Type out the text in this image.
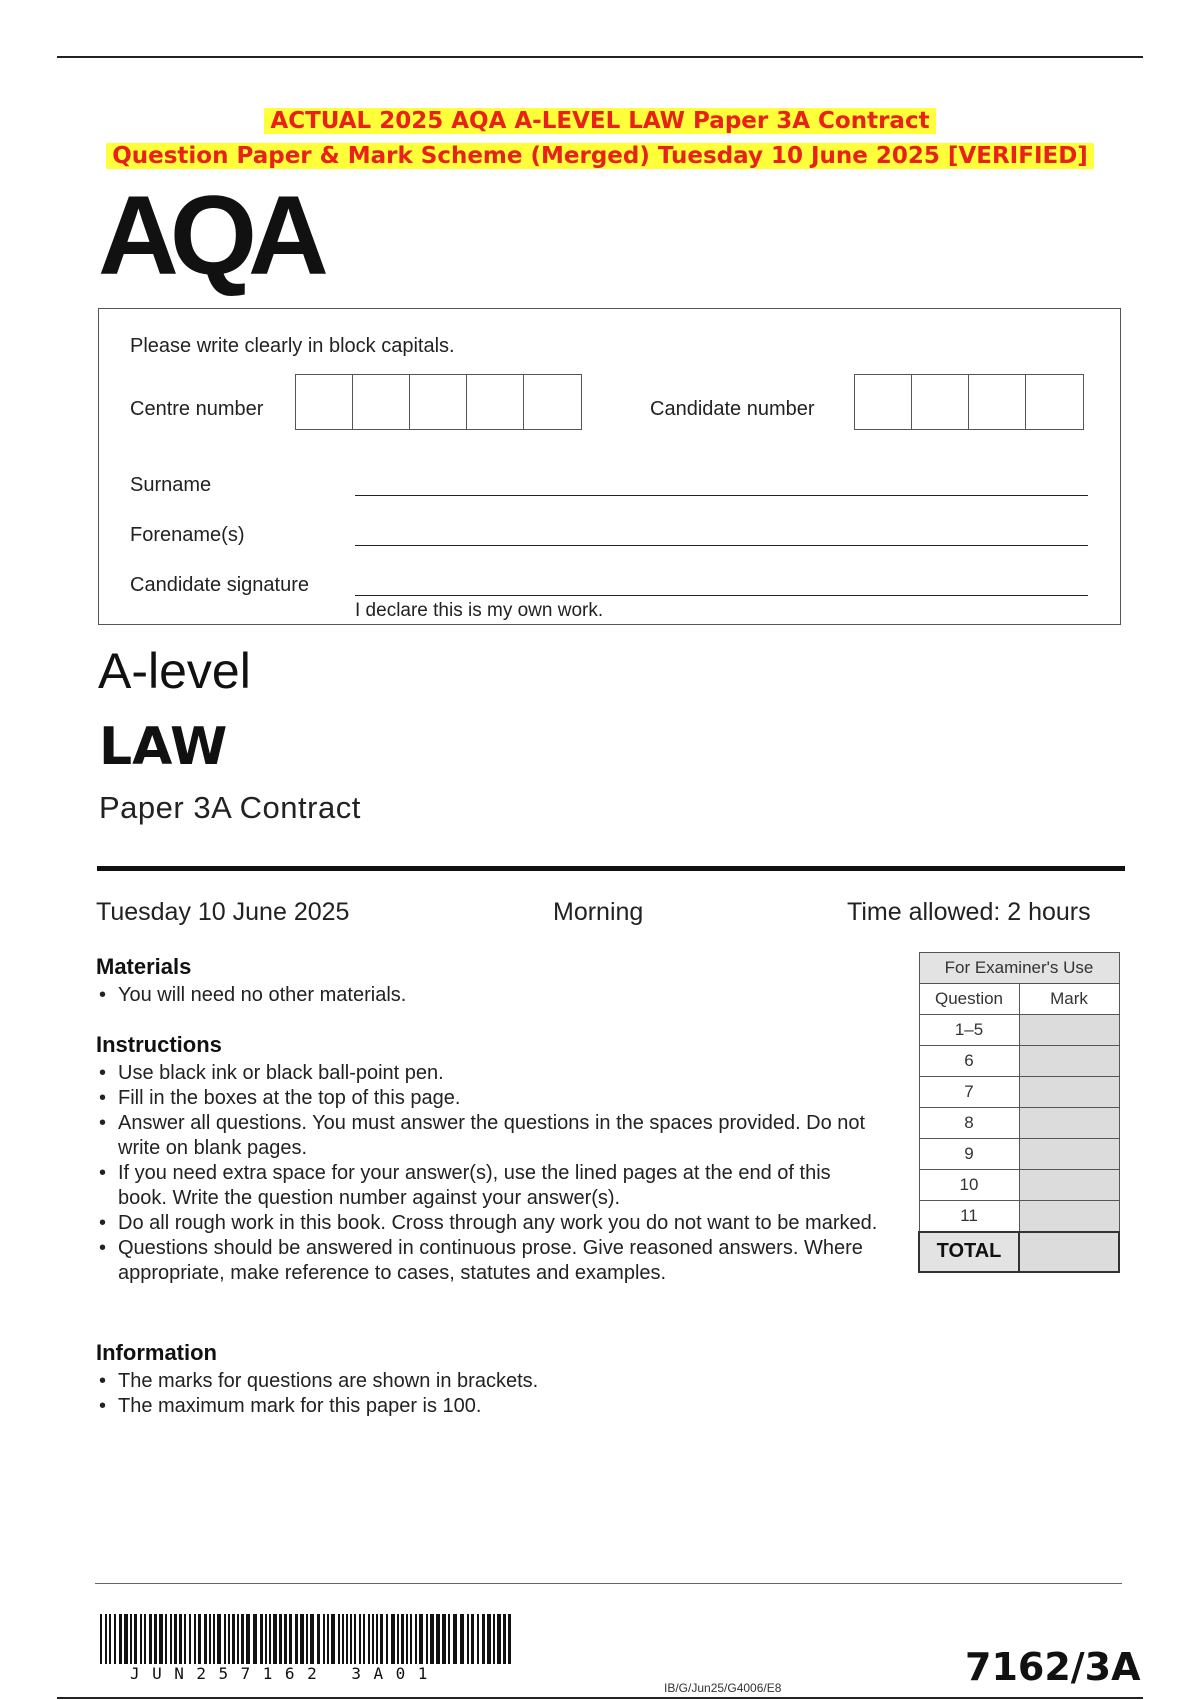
ACTUAL 2025 AQA A-LEVEL LAW Paper 3A Contract
Question Paper & Mark Scheme (Merged) Tuesday 10 June 2025 [VERIFIED]
AQA
Please write clearly in block capitals.
Centre number	Candidate number
Surname
Forename(s)
Candidate signature
I declare this is my own work.
A-level
LAW
Paper 3A Contract
Tuesday 10 June 2025	Morning	Time allowed: 2 hours
Materials
• You will need no other materials.
Instructions
• Use black ink or black ball-point pen.
• Fill in the boxes at the top of this page.
• Answer all questions. You must answer the questions in the spaces provided. Do not write on blank pages.
• If you need extra space for your answer(s), use the lined pages at the end of this book. Write the question number against your answer(s).
• Do all rough work in this book. Cross through any work you do not want to be marked.
• Questions should be answered in continuous prose. Give reasoned answers. Where appropriate, make reference to cases, statutes and examples.
Information
• The marks for questions are shown in brackets.
• The maximum mark for this paper is 100.
For Examiner's Use	
Question	Mark
1–5	
6	
7	
8	
9	
10	
11	
TOTAL	
JUN257162 3A01
IB/G/Jun25/G4006/E8	7162/3A
